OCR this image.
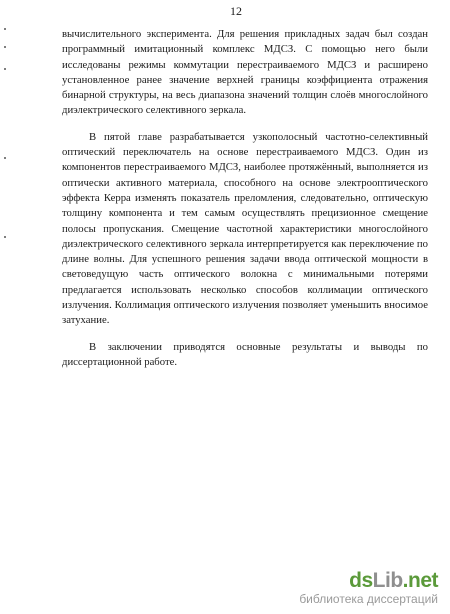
12

вычислительного эксперимента. Для решения прикладных задач был создан программный имитационный комплекс МДСЗ. С помощью него были исследованы режимы коммутации перестраиваемого МДСЗ и расширено установленное ранее значение верхней границы коэффициента отражения бинарной структуры, на весь диапазона значений толщин слоёв многослойного диэлектрического селективного зеркала.

В пятой главе разрабатывается узкополосный частотно-селективный оптический переключатель на основе перестраиваемого МДСЗ. Один из компонентов перестраиваемого МДСЗ, наиболее протяжённый, выполняется из оптически активного материала, способного на основе электрооптического эффекта Керра изменять показатель преломления, следовательно, оптическую толщину компонента и тем самым осуществлять прецизионное смещение полосы пропускания. Смещение частотной характеристики многослойного диэлектрического селективного зеркала интерпретируется как переключение по длине волны. Для успешного решения задачи ввода оптической мощности в световедущую часть оптического волокна с минимальными потерями предлагается использовать несколько способов коллимации оптического излучения. Коллимация оптического излучения позволяет уменьшить вносимое затухание.

В заключении приводятся основные результаты и выводы по диссертационной работе.

dsLib.net
библиотека диссертаций
